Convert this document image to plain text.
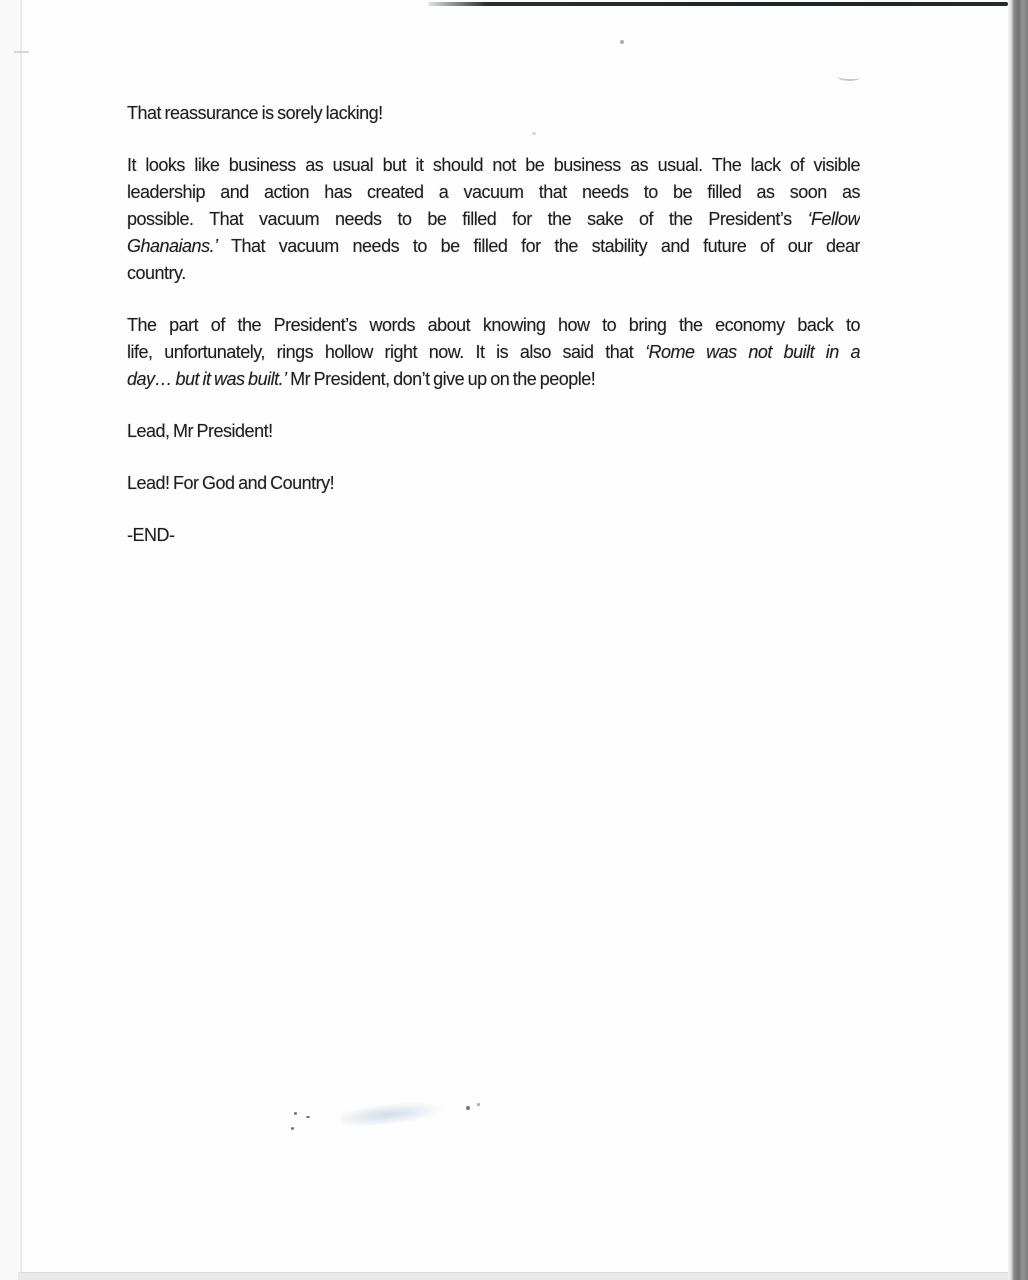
That reassurance is sorely lacking!
It looks like business as usual but it should not be business as usual. The lack of visible
leadership and action has created a vacuum that needs to be filled as soon as
possible. That vacuum needs to be filled for the sake of the President’s ‘Fellow
Ghanaians.’ That vacuum needs to be filled for the stability and future of our dear
country.
The part of the President’s words about knowing how to bring the economy back to
life, unfortunately, rings hollow right now. It is also said that ‘Rome was not built in a
day… but it was built.’ Mr President, don’t give up on the people!
Lead, Mr President!
Lead! For God and Country!
-END-
